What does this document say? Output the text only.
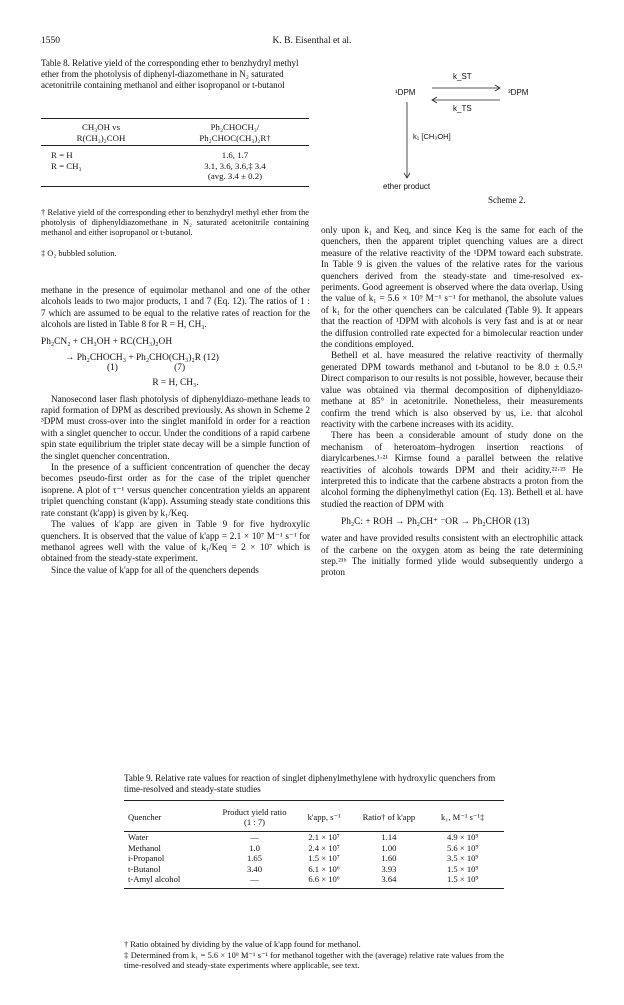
1550	K. B. Eisenthal et al.
Table 8. Relative yield of the corresponding ether to benzhydryl methyl ether from the photolysis of diphenyl-diazomethane in N₂ saturated acetonitrile containing methanol and either isopropanol or t-butanol
CH₃OH vs
R(CH₃)₂COH
Ph₂CHOCH₃/
Ph₂CHOC(CH₃)₂R†
R = H	1.6, 1.7
R = CH₃	3.1, 3.6, 3.6,‡ 3.4
(avg. 3.4 ± 0.2)
† Relative yield of the corresponding ether to benzhydryl methyl ether from the photolysis of diphenyldiazomethane in N₂ saturated acetonitrile containing methanol and either isopropanol or t-butanol.
‡ O₂ bubbled solution.
¹DPM	³DPM
k_ST
k_TS
k₁ [CH₃OH]
ether product
Scheme 2.

methane in the presence of equimolar methanol and one of the other alcohols leads to two major products, 1 and 7 (Eq. 12). The ratios of 1 : 7 which are assumed to be equal to the relative rates of reaction for the alcohols are listed in Table 8 for R = H, CH₃.

Ph₂CN₂ + CH₃OH + RC(CH₃)₂OH
→ Ph₂CHOCH₃ + Ph₂CHO(CH₃)₂R (12)
(1)                        (7)
R = H, CH₃.

Nanosecond laser flash photolysis of diphenyldiazo-methane leads to rapid formation of DPM as described previously. As shown in Scheme 2 ³DPM must cross-over into the singlet manifold in order for a reaction with a singlet quencher to occur. Under the conditions of a rapid carbene spin state equilibrium the triplet state decay will be a simple function of the singlet quencher concentration.

In the presence of a sufficient concentration of quencher the decay becomes pseudo-first order as for the case of the triplet quencher isoprene. A plot of τ⁻¹ versus quencher concentration yields an apparent triplet quenching constant (k'app). Assuming steady state conditions this rate constant (k'app) is given by k₁/Keq.

The values of k'app are given in Table 9 for five hydroxylic quenchers. It is observed that the value of k'app = 2.1 × 10⁷ M⁻¹ s⁻¹ for methanol agrees well with the value of k₁/Keq = 2 × 10⁷ which is obtained from the steady-state experiment.

Since the value of k'app for all of the quenchers depends

only upon k₁ and Keq, and since Keq is the same for each of the quenchers, then the apparent triplet quenching values are a direct measure of the relative reactivity of the ¹DPM toward each substrate. In Table 9 is given the values of the relative rates for the various quenchers derived from the steady-state and time-resolved ex-periments. Good agreement is observed where the data overlap. Using the value of k₁ = 5.6 × 10⁹ M⁻¹ s⁻¹ for methanol, the absolute values of k₁ for the other quenchers can be calculated (Table 9). It appears that the reaction of ¹DPM with alcohols is very fast and is at or near the diffusion controlled rate expected for a bimolecular reaction under the conditions employed.

Bethell et al. have measured the relative reactivity of thermally generated DPM towards methanol and t-butanol to be 8.0 ± 0.5.²¹ Direct comparison to our results is not possible, however, because their value was obtained via thermal decomposition of diphenyldiazo-methane at 85° in acetonitrile. Nonetheless, their measurements confirm the trend which is also observed by us, i.e. that alcohol reactivity with the carbene increases with its acidity.

There has been a considerable amount of study done on the mechanism of heteroatom–hydrogen insertion reactions of diarylcarbenes.¹·²¹ Kirmse found a parallel between the relative reactivities of alcohols towards DPM and their acidity.²²·²³ He interpreted this to indicate that the carbene abstracts a proton from the alcohol forming the diphenylmethyl cation (Eq. 13). Bethell et al. have studied the reaction of DPM with

Ph₂C: + ROH → Ph₂CH⁺ ⁻OR → Ph₂CHOR (13)

water and have provided results consistent with an electrophilic attack of the carbene on the oxygen atom as being the rate determining step.²¹ᵇ The initially formed ylide would subsequently undergo a proton

Table 9. Relative rate values for reaction of singlet diphenylmethylene with hydroxylic quenchers from time-resolved and steady-state studies
Quencher	Product yield ratio (1 : 7)	k'app, s⁻¹	Ratio† of k'app	k₁, M⁻¹ s⁻¹‡

Water	—	2.1 × 10⁷	1.14	4.9 × 10⁹
Methanol	1.0	2.4 × 10⁷	1.00	5.6 × 10⁹
i-Propanol	1.65	1.5 × 10⁷	1.60	3.5 × 10⁹
t-Butanol	3.40	6.1 × 10⁶	3.93	1.5 × 10⁹
t-Amyl alcohol	—	6.6 × 10⁶	3.64	1.5 × 10⁹
† Ratio obtained by dividing by the value of k'app found for methanol.
‡ Determined from k₁ = 5.6 × 10⁹ M⁻¹ s⁻¹ for methanol together with the (average) relative rate values from the time-resolved and steady-state experiments where applicable, see text.
